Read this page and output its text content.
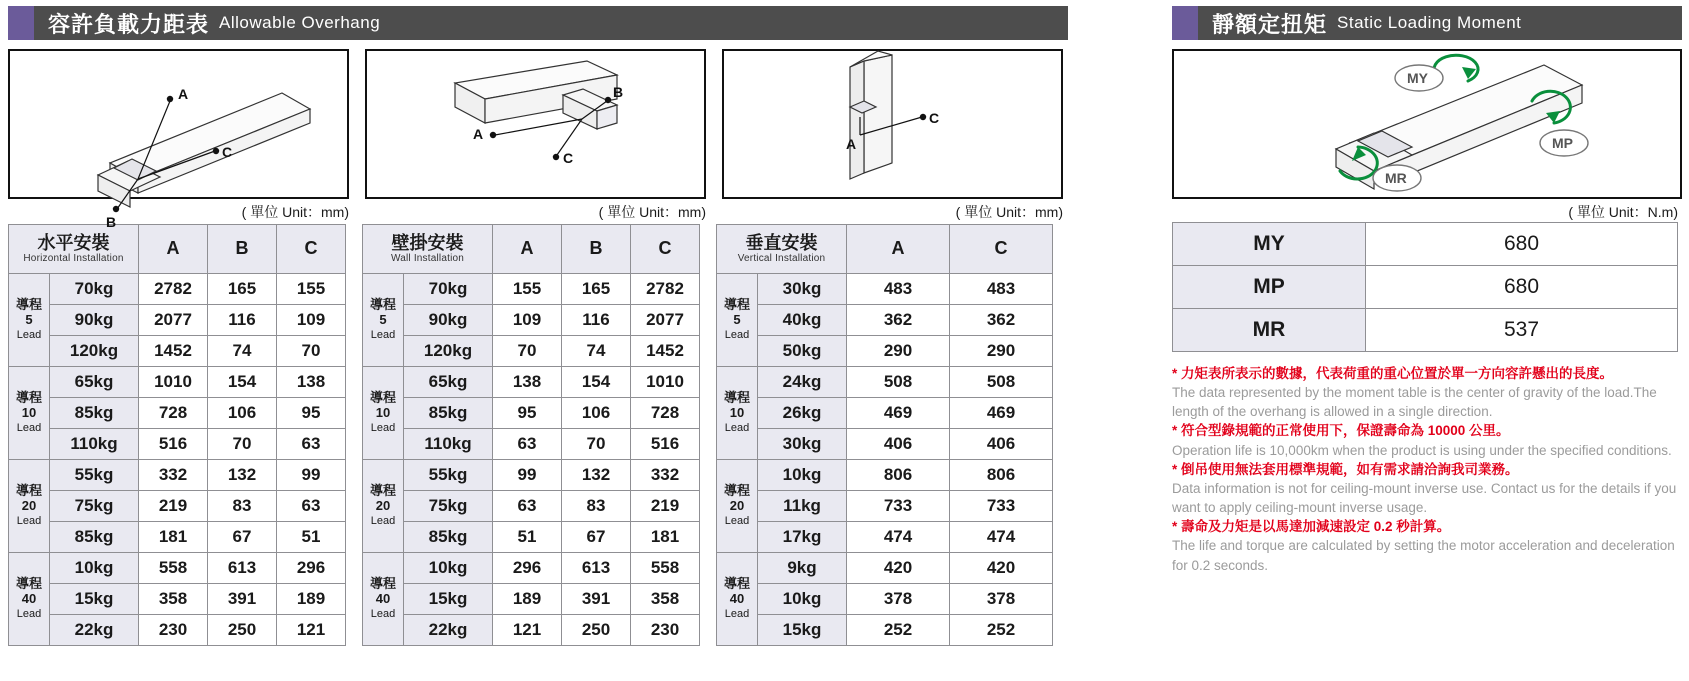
容許負載力距表 Allowable Overhang
A
C
B
A
B
C
C
A
( 單位 Unit：mm)	( 單位 Unit：mm)	( 單位 Unit：mm)
水平安裝
Horizontal Installation		A	B	C
導程
5
Lead	70kg	2782	165	155
	90kg	2077	116	109
	120kg	1452	74	70
導程
10
Lead	65kg	1010	154	138
	85kg	728	106	95
	110kg	516	70	63
導程
20
Lead	55kg	332	132	99
	75kg	219	83	63
	85kg	181	67	51
導程
40
Lead	10kg	558	613	296
	15kg	358	391	189
	22kg	230	250	121
壁掛安裝
Wall Installation		A	B	C
導程
5
Lead	70kg	155	165	2782
	90kg	109	116	2077
	120kg	70	74	1452
導程
10
Lead	65kg	138	154	1010
	85kg	95	106	728
	110kg	63	70	516
導程
20
Lead	55kg	99	132	332
	75kg	63	83	219
	85kg	51	67	181
導程
40
Lead	10kg	296	613	558
	15kg	189	391	358
	22kg	121	250	230
垂直安裝
Vertical Installation		A	C
導程
5
Lead	30kg	483	483
	40kg	362	362
	50kg	290	290
導程
10
Lead	24kg	508	508
	26kg	469	469
	30kg	406	406
導程
20
Lead	10kg	806	806
	11kg	733	733
	17kg	474	474
導程
40
Lead	9kg	420	420
	10kg	378	378
	15kg	252	252
靜額定扭矩 Static Loading Moment
MY
MP
MR
( 單位 Unit：N.m)
MY	680
MP	680
MR	537
* 力矩表所表示的數據，代表荷重的重心位置於單一方向容許懸出的長度。
The data represented by the moment table is the center of gravity of the load.The length of the overhang is allowed in a single direction.
* 符合型錄規範的正常使用下，保證壽命為 10000 公里。
Operation life is 10,000km when the product is using under the specified conditions.
* 倒吊使用無法套用標準規範，如有需求請洽詢我司業務。
Data information is not for ceiling-mount inverse use. Contact us for the details if you want to apply ceiling-mount inverse usage.
* 壽命及力矩是以馬達加減速設定 0.2 秒計算。
The life and torque are calculated by setting the motor acceleration and deceleration for 0.2 seconds.
